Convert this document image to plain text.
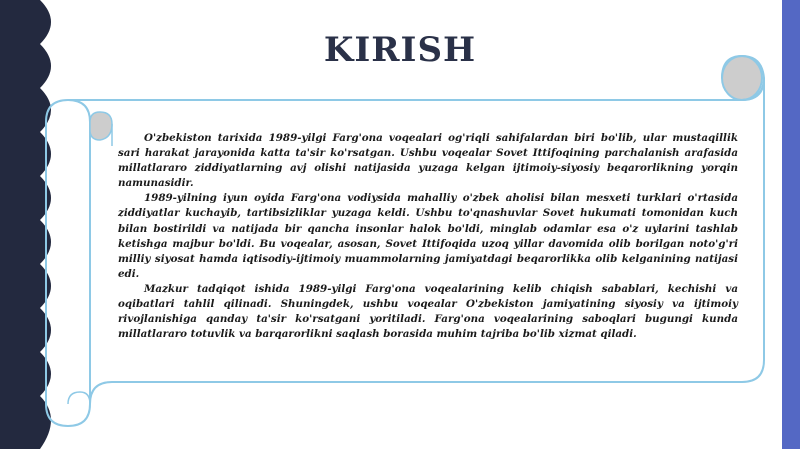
KIRISH

O'zbekiston tarixida 1989-yilgi Farg'ona voqealari og'riqli sahifalardan biri bo'lib, ular mustaqillik sari harakat jarayonida katta ta'sir ko'rsatgan. Ushbu voqealar Sovet Ittifoqining parchalanish arafasida millatlararo ziddiyatlarning avj olishi natijasida yuzaga kelgan ijtimoiy-siyosiy beqarorlikning yorqin namunasidir.

1989-yilning iyun oyida Farg'ona vodiysida mahalliy o'zbek aholisi bilan mesxeti turklari o'rtasida ziddiyatlar kuchayib, tartibsizliklar yuzaga keldi. Ushbu to'qnashuvlar Sovet hukumati tomonidan kuch bilan bostirildi va natijada bir qancha insonlar halok bo'ldi, minglab odamlar esa o'z uylarini tashlab ketishga majbur bo'ldi. Bu voqealar, asosan, Sovet Ittifoqida uzoq yillar davomida olib borilgan noto'g'ri milliy siyosat hamda iqtisodiy-ijtimoiy muammolarning jamiyatdagi beqarorlikka olib kelganining natijasi edi.

Mazkur tadqiqot ishida 1989-yilgi Farg'ona voqealarining kelib chiqish sabablari, kechishi va oqibatlari tahlil qilinadi. Shuningdek, ushbu voqealar O'zbekiston jamiyatining siyosiy va ijtimoiy rivojlanishiga qanday ta'sir ko'rsatgani yoritiladi. Farg'ona voqealarining saboqlari bugungi kunda millatlararo totuvlik va barqarorlikni saqlash borasida muhim tajriba bo'lib xizmat qiladi.
